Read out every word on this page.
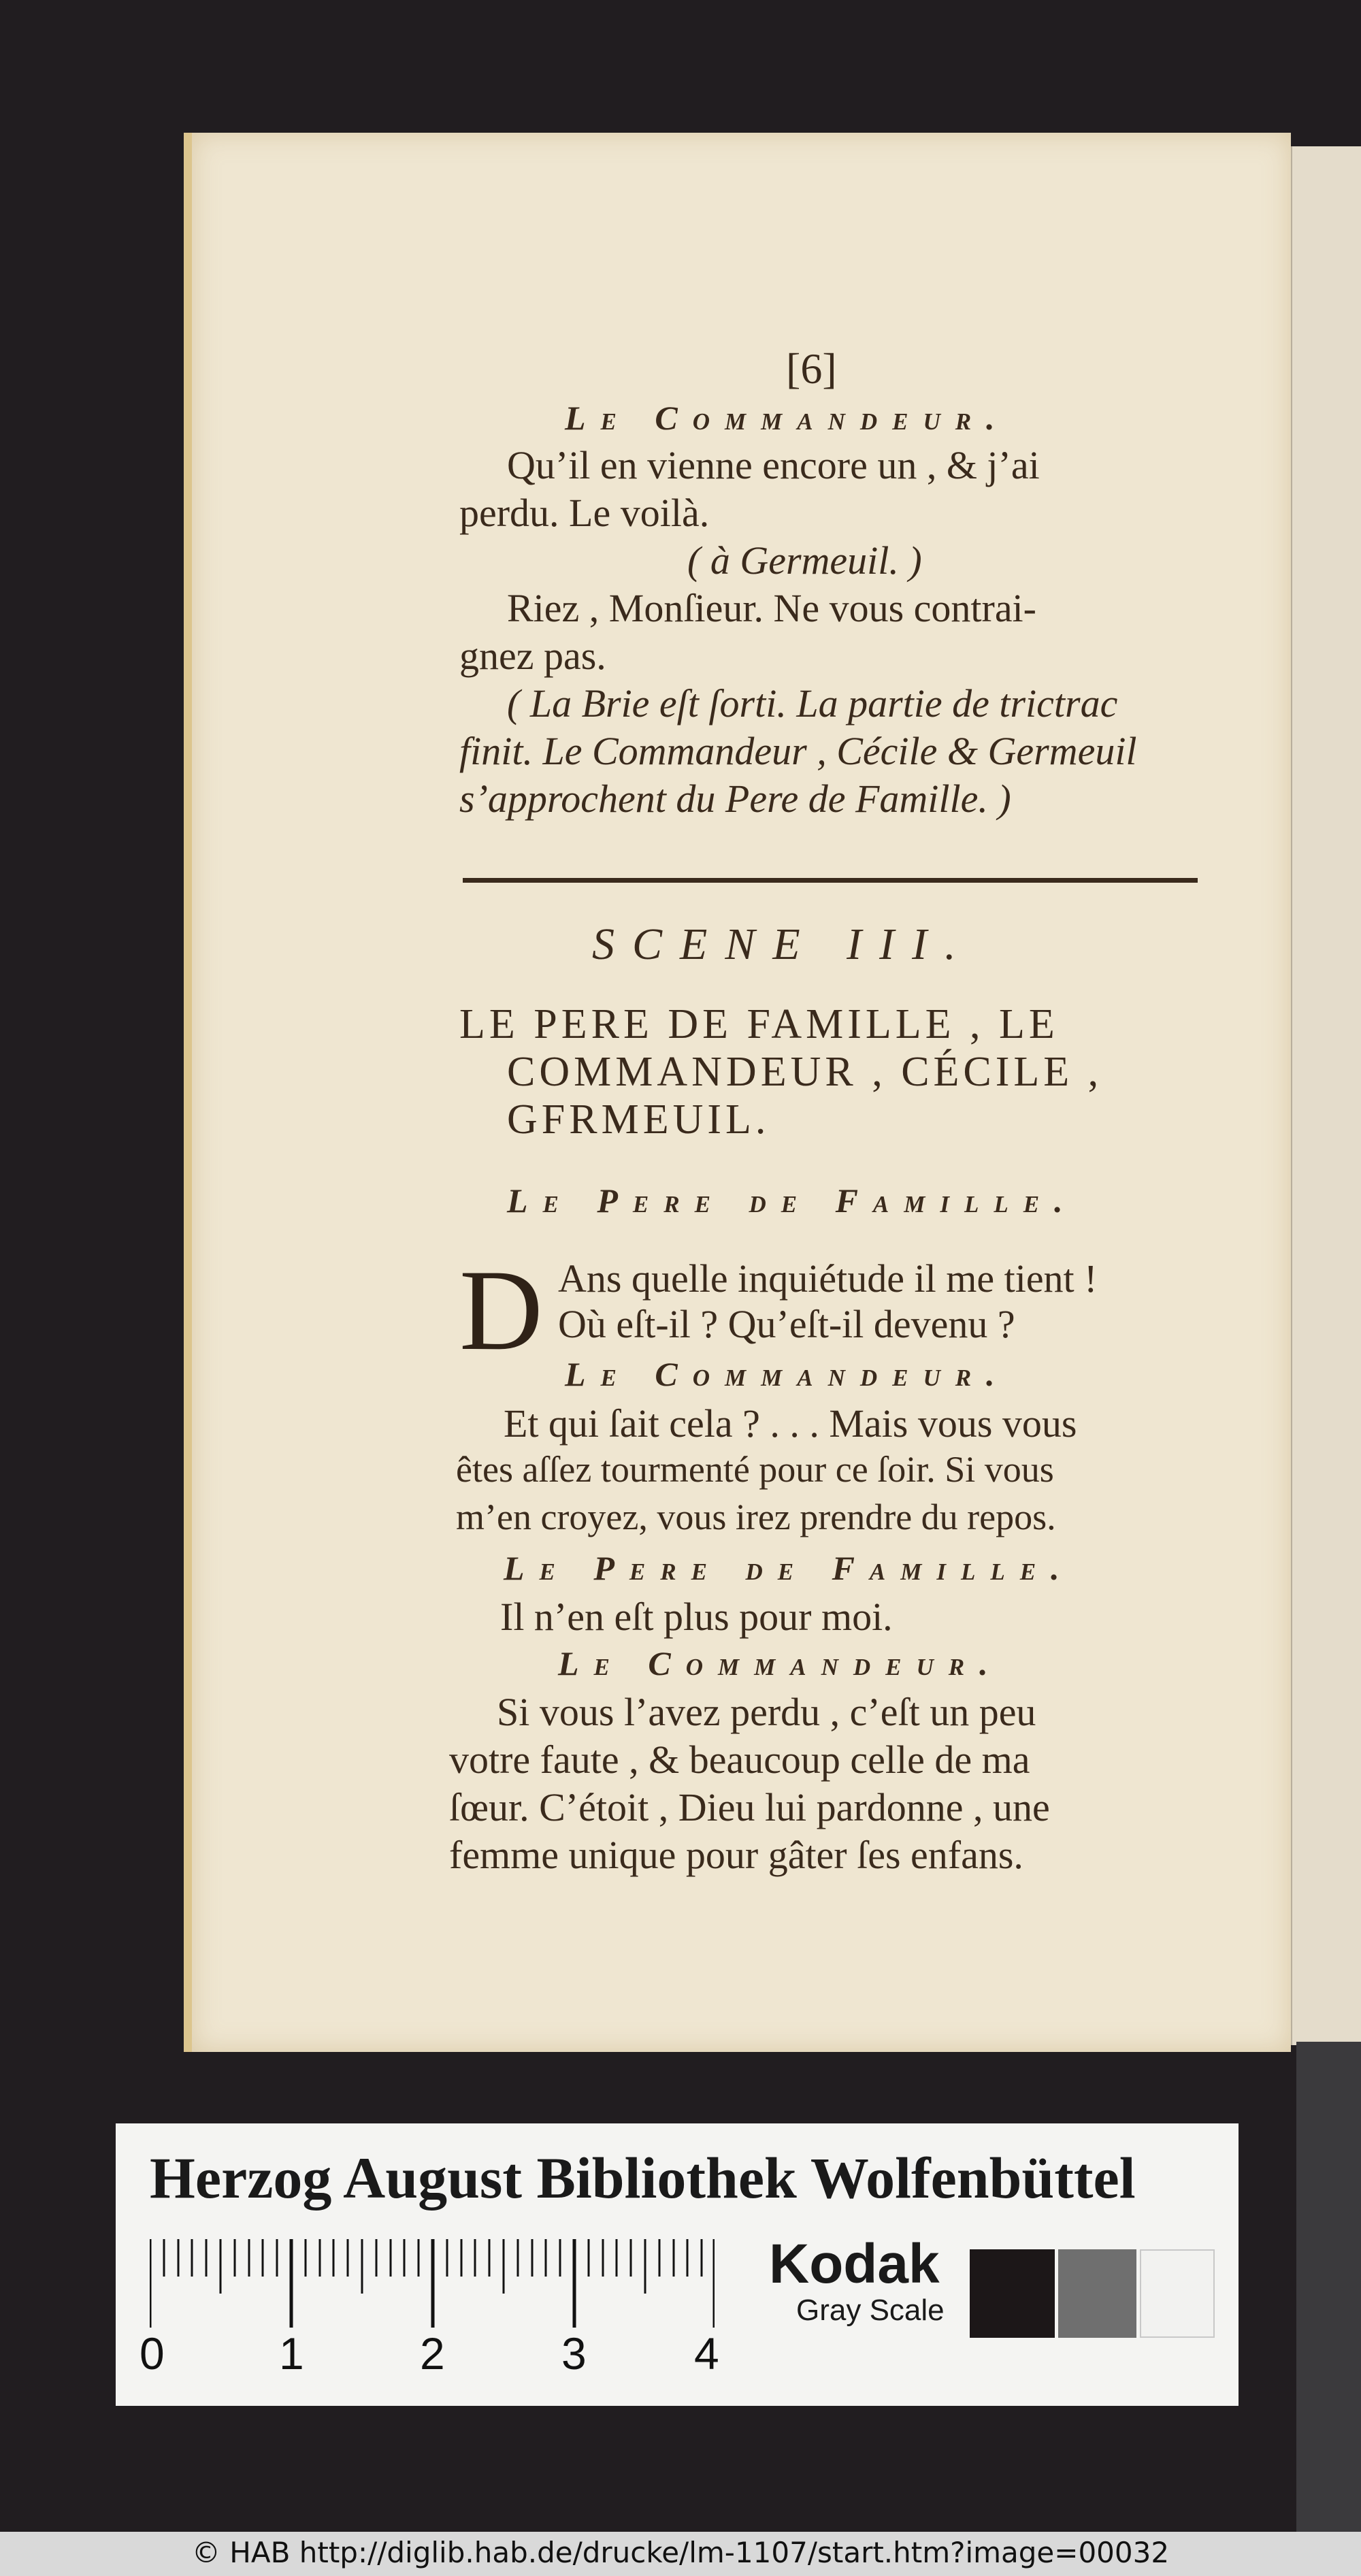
[6]
Le Commandeur.
Qu’il en vienne encore un , & j’ai
perdu. Le voilà.
( à Germeuil. )
Riez , Monſieur. Ne vous contrai-
gnez pas.
( La Brie eſt ſorti. La partie de trictrac
finit. Le Commandeur , Cécile & Germeuil
s’approchent du Pere de Famille. )
SCENE III.
LE PERE DE FAMILLE , LE
COMMANDEUR , CÉCILE ,
GFRMEUIL.
Le Pere de Famille.
D Ans quelle inquiétude il me tient !
Où eſt-il ? Qu’eſt-il devenu ?
Le Commandeur.
Et qui ſait cela ? . . . Mais vous vous
êtes aſſez tourmenté pour ce ſoir. Si vous
m’en croyez, vous irez prendre du repos.
Le Pere de Famille.
Il n’en eſt plus pour moi.
Le Commandeur.
Si vous l’avez perdu , c’eſt un peu
votre faute , & beaucoup celle de ma
ſœur. C’étoit , Dieu lui pardonne , une
femme unique pour gâter ſes enfans.
Herzog August Bibliothek Wolfenbüttel
0	1	2	3 4
Kodak
Gray Scale
© HAB http://diglib.hab.de/drucke/lm-1107/start.htm?image=00032
